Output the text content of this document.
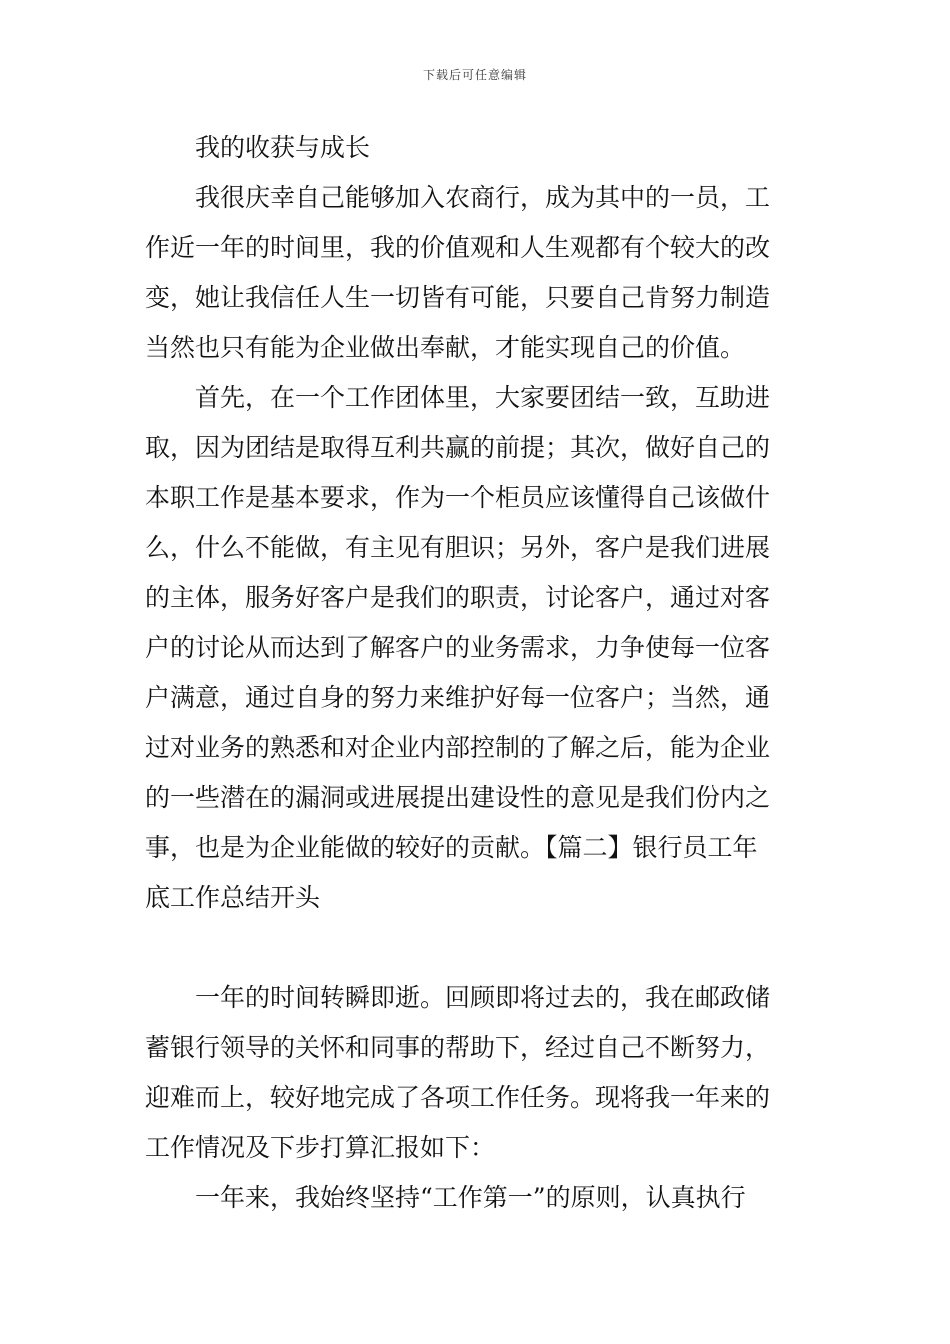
下载后可任意编辑
我的收获与成长
　　我很庆幸自己能够加入农商行，成为其中的一员，工
作近一年的时间里，我的价值观和人生观都有个较大的改
变，她让我信任人生一切皆有可能，只要自己肯努力制造
当然也只有能为企业做出奉献，才能实现自己的价值。
　　首先，在一个工作团体里，大家要团结一致，互助进
取，因为团结是取得互利共赢的前提；其次，做好自己的
本职工作是基本要求，作为一个柜员应该懂得自己该做什
么，什么不能做，有主见有胆识；另外，客户是我们进展
的主体，服务好客户是我们的职责，讨论客户，通过对客
户的讨论从而达到了解客户的业务需求，力争使每一位客
户满意，通过自身的努力来维护好每一位客户；当然，通
过对业务的熟悉和对企业内部控制的了解之后，能为企业
的一些潜在的漏洞或进展提出建设性的意见是我们份内之
事，也是为企业能做的较好的贡献。【篇二】银行员工年
底工作总结开头
　　一年的时间转瞬即逝。回顾即将过去的，我在邮政储
蓄银行领导的关怀和同事的帮助下，经过自己不断努力，
迎难而上，较好地完成了各项工作任务。现将我一年来的
工作情况及下步打算汇报如下：
　　一年来，我始终坚持“工作第一”的原则，认真执行
